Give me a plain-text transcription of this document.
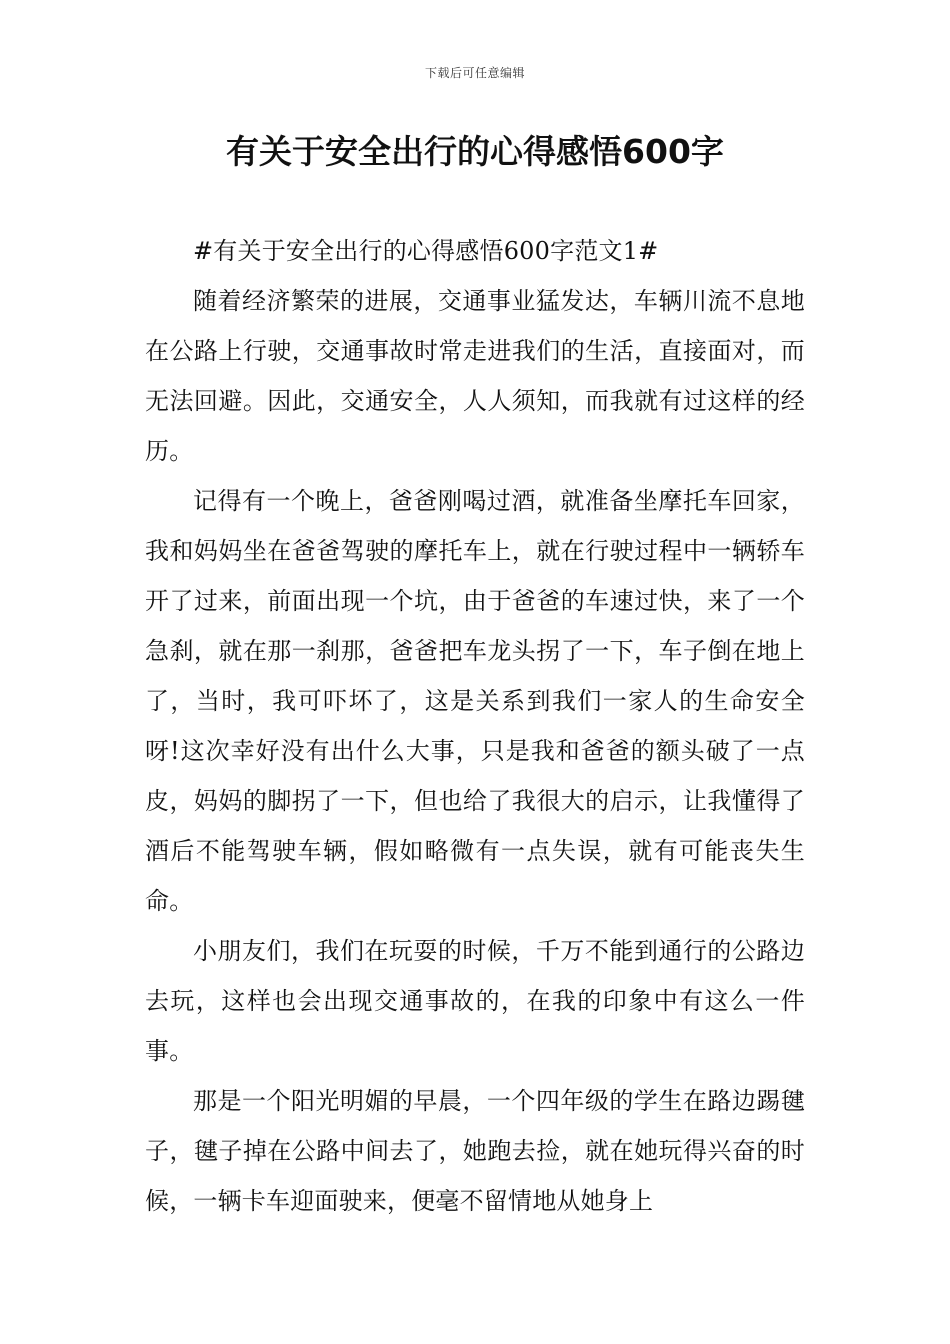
下载后可任意编辑
有关于安全出行的心得感悟600字

#有关于安全出行的心得感悟600字范文1#

随着经济繁荣的进展，交通事业猛发达，车辆川流不息地在公路上行驶，交通事故时常走进我们的生活，直接面对，而无法回避。因此，交通安全，人人须知，而我就有过这样的经历。

记得有一个晚上，爸爸刚喝过酒，就准备坐摩托车回家，我和妈妈坐在爸爸驾驶的摩托车上，就在行驶过程中一辆轿车开了过来，前面出现一个坑，由于爸爸的车速过快，来了一个急刹，就在那一刹那，爸爸把车龙头拐了一下，车子倒在地上了，当时，我可吓坏了，这是关系到我们一家人的生命安全呀!这次幸好没有出什么大事，只是我和爸爸的额头破了一点皮，妈妈的脚拐了一下，但也给了我很大的启示，让我懂得了酒后不能驾驶车辆，假如略微有一点失误，就有可能丧失生命。

小朋友们，我们在玩耍的时候，千万不能到通行的公路边去玩，这样也会出现交通事故的，在我的印象中有这么一件事。

那是一个阳光明媚的早晨，一个四年级的学生在路边踢毽子，毽子掉在公路中间去了，她跑去捡，就在她玩得兴奋的时候，一辆卡车迎面驶来，便毫不留情地从她身上
